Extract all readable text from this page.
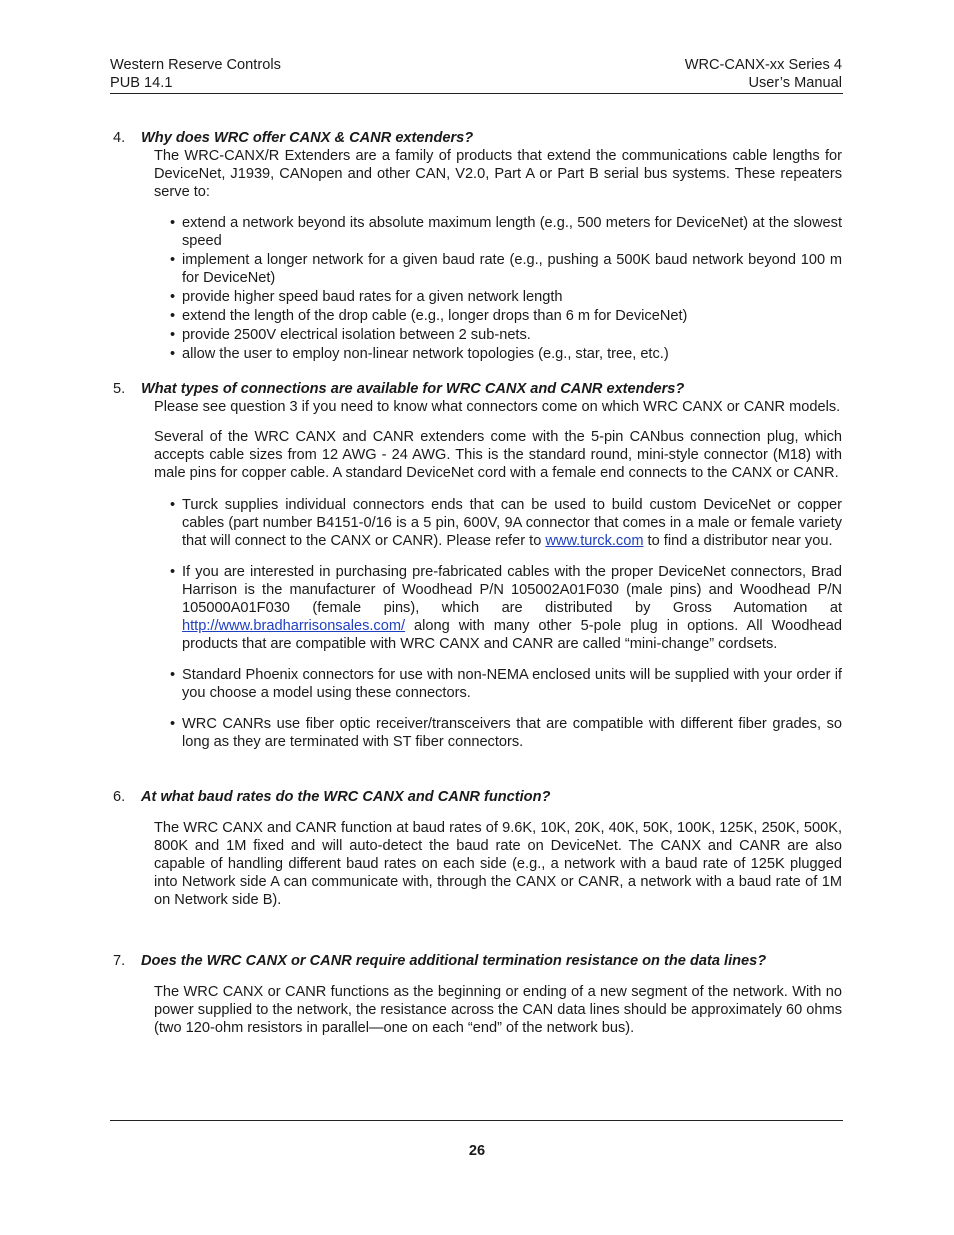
Western Reserve Controls
PUB 14.1
WRC-CANX-xx Series 4
User’s Manual
4. Why does WRC offer CANX & CANR extenders?

The WRC-CANX/R Extenders are a family of products that extend the communications cable lengths for DeviceNet, J1939, CANopen and other CAN, V2.0, Part A or Part B serial bus systems. These repeaters serve to:

• extend a network beyond its absolute maximum length (e.g., 500 meters for DeviceNet) at the slowest speed

• implement a longer network for a given baud rate (e.g., pushing a 500K baud network beyond 100 m for DeviceNet)

• provide higher speed baud rates for a given network length

• extend the length of the drop cable (e.g., longer drops than 6 m for DeviceNet)

• provide 2500V electrical isolation between 2 sub-nets.

• allow the user to employ non-linear network topologies (e.g., star, tree, etc.)

5. What types of connections are available for WRC CANX and CANR extenders?

Please see question 3 if you need to know what connectors come on which WRC CANX or CANR models.

Several of the WRC CANX and CANR extenders come with the 5-pin CANbus connection plug, which accepts cable sizes from 12 AWG - 24 AWG. This is the standard round, mini-style connector (M18) with male pins for copper cable. A standard DeviceNet cord with a female end connects to the CANX or CANR.

• Turck supplies individual connectors ends that can be used to build custom DeviceNet or copper cables (part number B4151-0/16 is a 5 pin, 600V, 9A connector that comes in a male or female variety that will connect to the CANX or CANR). Please refer to www.turck.com to find a distributor near you.

• If you are interested in purchasing pre-fabricated cables with the proper DeviceNet connectors, Brad Harrison is the manufacturer of Woodhead P/N 105002A01F030 (male pins) and Woodhead P/N 105000A01F030 (female pins), which are distributed by Gross Automation at http://www.bradharrisonsales.com/ along with many other 5-pole plug in options. All Woodhead products that are compatible with WRC CANX and CANR are called “mini-change” cordsets.

• Standard Phoenix connectors for use with non-NEMA enclosed units will be supplied with your order if you choose a model using these connectors.

• WRC CANRs use fiber optic receiver/transceivers that are compatible with different fiber grades, so long as they are terminated with ST fiber connectors.

6. At what baud rates do the WRC CANX and CANR function?

The WRC CANX and CANR function at baud rates of 9.6K, 10K, 20K, 40K, 50K, 100K, 125K, 250K, 500K, 800K and 1M fixed and will auto-detect the baud rate on DeviceNet. The CANX and CANR are also capable of handling different baud rates on each side (e.g., a network with a baud rate of 125K plugged into Network side A can communicate with, through the CANX or CANR, a network with a baud rate of 1M on Network side B).

7. Does the WRC CANX or CANR require additional termination resistance on the data lines?

The WRC CANX or CANR functions as the beginning or ending of a new segment of the network. With no power supplied to the network, the resistance across the CAN data lines should be approximately 60 ohms (two 120-ohm resistors in parallel—one on each “end” of the network bus).

26
